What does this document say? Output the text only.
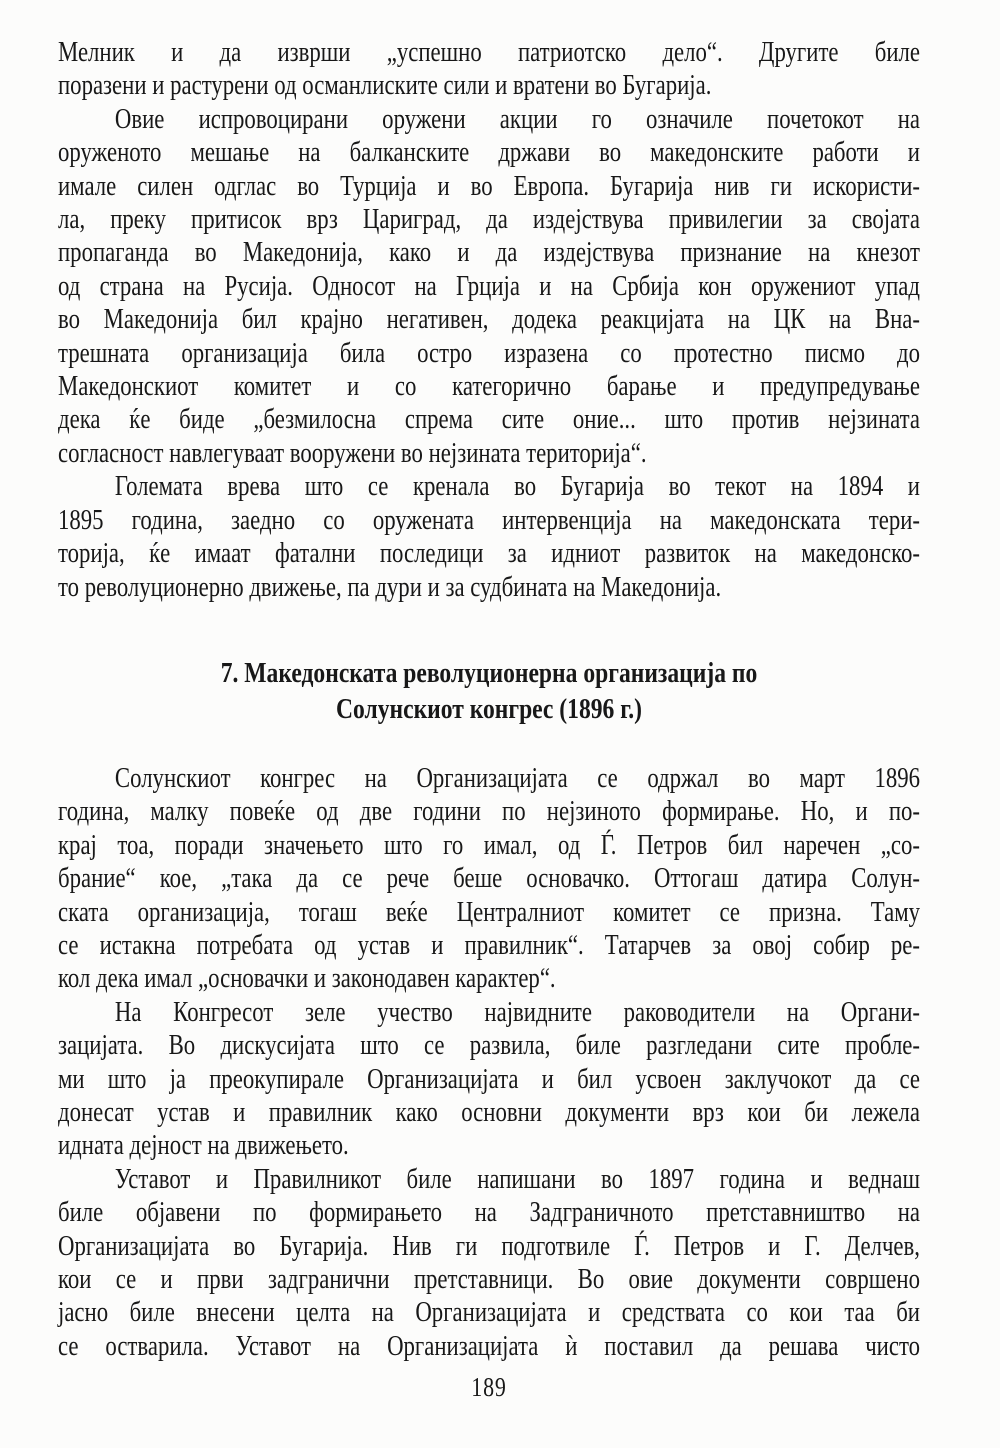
Мелник и да изврши „успешно патриотско дело“. Другите биле
поразени и растурени од османлиските сили и вратени во Бугарија.
Овие испровоцирани оружени акции го означиле почетокот на
оруженото мешање на балканските држави во македонските работи и
имале силен одглас во Турција и во Европа. Бугарија нив ги искористи-
ла, преку притисок врз Цариград, да издејствува привилегии за својата
пропаганда во Македонија, како и да издејствува признание на кнезот
од страна на Русија. Односот на Грција и на Србија кон оружениот упад
во Македонија бил крајно негативен, додека реакцијата на ЦК на Вна-
трешната организација била остро изразена со протестно писмо до
Македонскиот комитет и со категорично барање и предупредување
дека ќе биде „безмилосна спрема сите оние... што против нејзината
согласност навлегуваат вооружени во нејзината територија“.
Големата врева што се кренала во Бугарија во текот на 1894 и
1895 година, заедно со оружената интервенција на македонската тери-
торија, ќе имаат фатални последици за идниот развиток на македонско-
то револуционерно движење, па дури и за судбината на Македонија.
7. Македонската револуционерна организација по
Солунскиот конгрес (1896 г.)
Солунскиот конгрес на Организацијата се одржал во март 1896
година, малку повеќе од две години по нејзиното формирање. Но, и по-
крај тоа, поради значењето што го имал, од Ѓ. Петров бил наречен „со-
брание“ кое, „така да се рече беше основачко. Оттогаш датира Солун-
ската организација, тогаш веќе Централниот комитет се призна. Таму
се истакна потребата од устав и правилник“. Татарчев за овој собир ре-
кол дека имал „основачки и законодавен карактер“.
На Конгресот зеле учество највидните раководители на Органи-
зацијата. Во дискусијата што се развила, биле разгледани сите пробле-
ми што ја преокупирале Организацијата и бил усвоен заклучокот да се
донесат устав и правилник како основни документи врз кои би лежела
идната дејност на движењето.
Уставот и Правилникот биле напишани во 1897 година и веднаш
биле објавени по формирањето на Задграничното претставништво на
Организацијата во Бугарија. Нив ги подготвиле Ѓ. Петров и Г. Делчев,
кои се и први задгранични претставници. Во овие документи совршено
јасно биле внесени целта на Организацијата и средствата со кои таа би
се остварила. Уставот на Организацијата ѝ поставил да решава чисто
189
